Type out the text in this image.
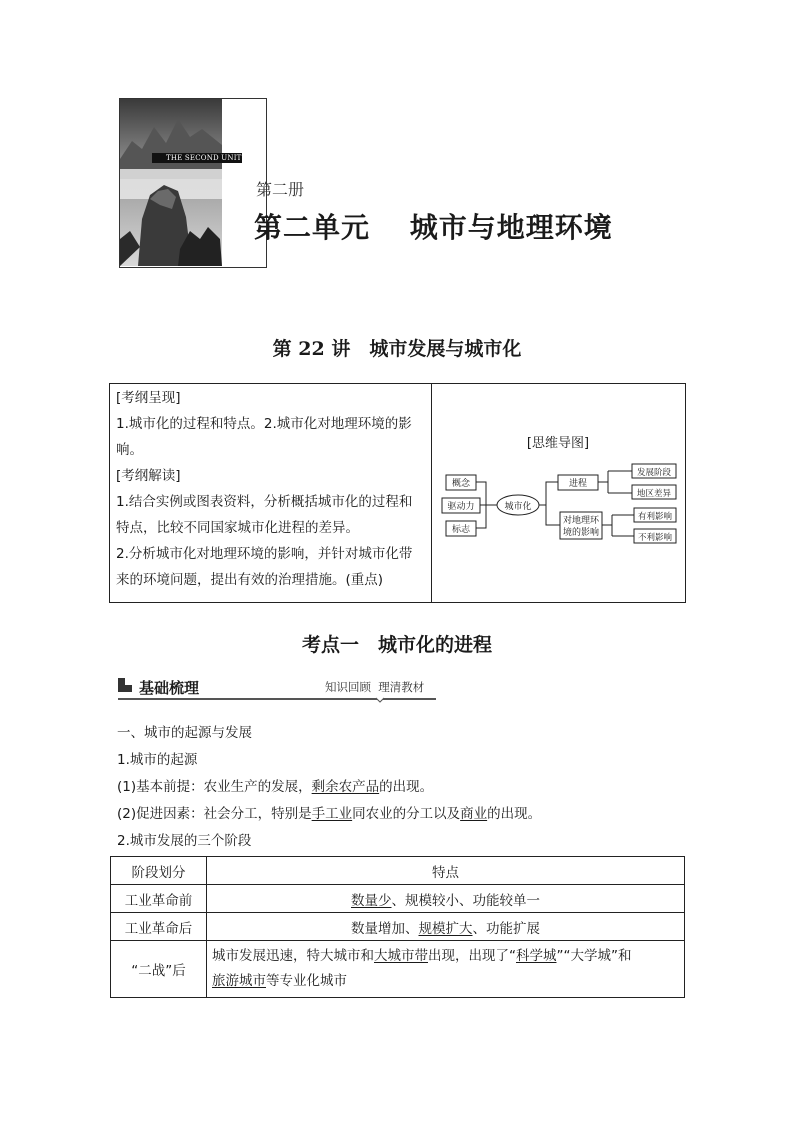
THE SECOND UNIT
第二册
第二单元　 城市与地理环境
第 22 讲　城市发展与城市化

[考纲呈现]

1.城市化的过程和特点。2.城市化对地理环境的影响。

[考纲解读]

1.结合实例或图表资料，分析概括城市化的过程和特点，比较不同国家城市化进程的差异。

2.分析城市化对地理环境的影响，并针对城市化带来的环境问题，提出有效的治理措施。(重点)

[思维导图]
概念
驱动力
标志
城市化
进程
对地理环
境的影响
发展阶段
地区差异
有利影响
不利影响
考点一　城市化的进程
基础梳理	知识回顾  理清教材
一、城市的起源与发展
1.城市的起源
(1)基本前提：农业生产的发展，剩余农产品的出现。
(2)促进因素：社会分工，特别是手工业同农业的分工以及商业的出现。
2.城市发展的三个阶段
阶段划分	特点
工业革命前	数量少、规模较小、功能较单一
工业革命后	数量增加、规模扩大、功能扩展
“二战”后	城市发展迅速，特大城市和大城市带出现，出现了“科学城”“大学城”和
旅游城市等专业化城市
